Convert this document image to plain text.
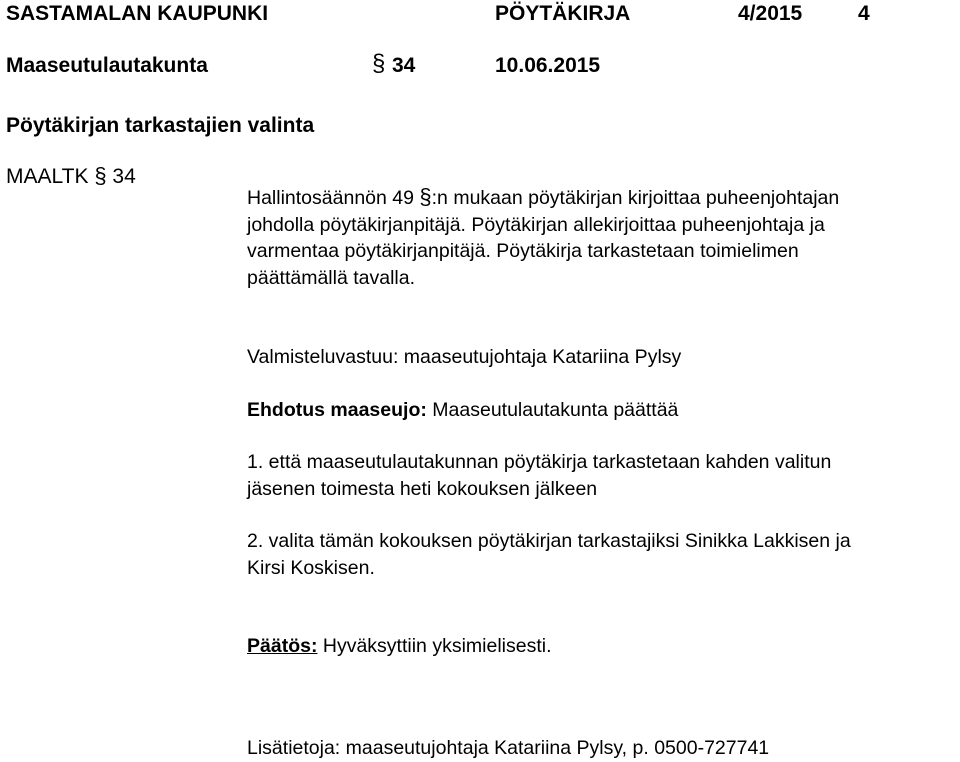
SASTAMALAN KAUPUNKI	PÖYTÄKIRJA	4/2015	4
Maaseutulautakunta	§ 34	10.06.2015
Pöytäkirjan tarkastajien valinta
MAALTK § 34
Hallintosäännön 49 §:n mukaan pöytäkirjan kirjoittaa puheenjohtajan
johdolla pöytäkirjanpitäjä. Pöytäkirjan allekirjoittaa puheenjohtaja ja
varmentaa pöytäkirjanpitäjä. Pöytäkirja tarkastetaan toimielimen
päättämällä tavalla.
Valmisteluvastuu: maaseutujohtaja Katariina Pylsy
Ehdotus maaseujo: Maaseutulautakunta päättää
1. että maaseutulautakunnan pöytäkirja tarkastetaan kahden valitun
jäsenen toimesta heti kokouksen jälkeen
2. valita tämän kokouksen pöytäkirjan tarkastajiksi Sinikka Lakkisen ja
Kirsi Koskisen.
Päätös: Hyväksyttiin yksimielisesti.
Lisätietoja: maaseutujohtaja Katariina Pylsy, p. 0500-727741
